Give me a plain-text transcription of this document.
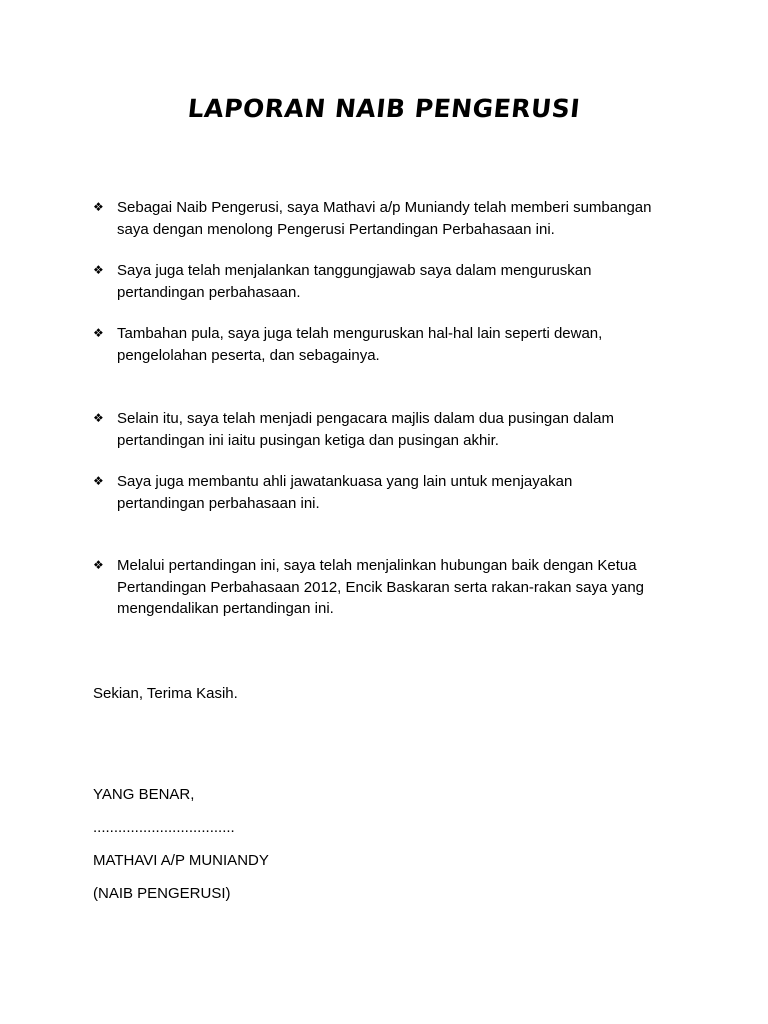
LAPORAN NAIB PENGERUSI
❖ Sebagai Naib Pengerusi, saya Mathavi a/p Muniandy telah memberi sumbangan
saya dengan menolong Pengerusi Pertandingan Perbahasaan ini.
❖ Saya juga telah menjalankan tanggungjawab saya dalam menguruskan
pertandingan perbahasaan.
❖ Tambahan pula, saya juga telah menguruskan hal-hal lain seperti dewan,
pengelolahan peserta, dan sebagainya.
❖ Selain itu, saya telah menjadi pengacara majlis dalam dua pusingan dalam
pertandingan ini iaitu pusingan ketiga dan pusingan akhir.
❖ Saya juga membantu ahli jawatankuasa yang lain untuk menjayakan
pertandingan perbahasaan ini.
❖ Melalui pertandingan ini, saya telah menjalinkan hubungan baik dengan Ketua
Pertandingan Perbahasaan 2012, Encik Baskaran serta rakan-rakan saya yang
mengendalikan pertandingan ini.
Sekian, Terima Kasih.
YANG BENAR,
..................................
MATHAVI A/P MUNIANDY
(NAIB PENGERUSI)
